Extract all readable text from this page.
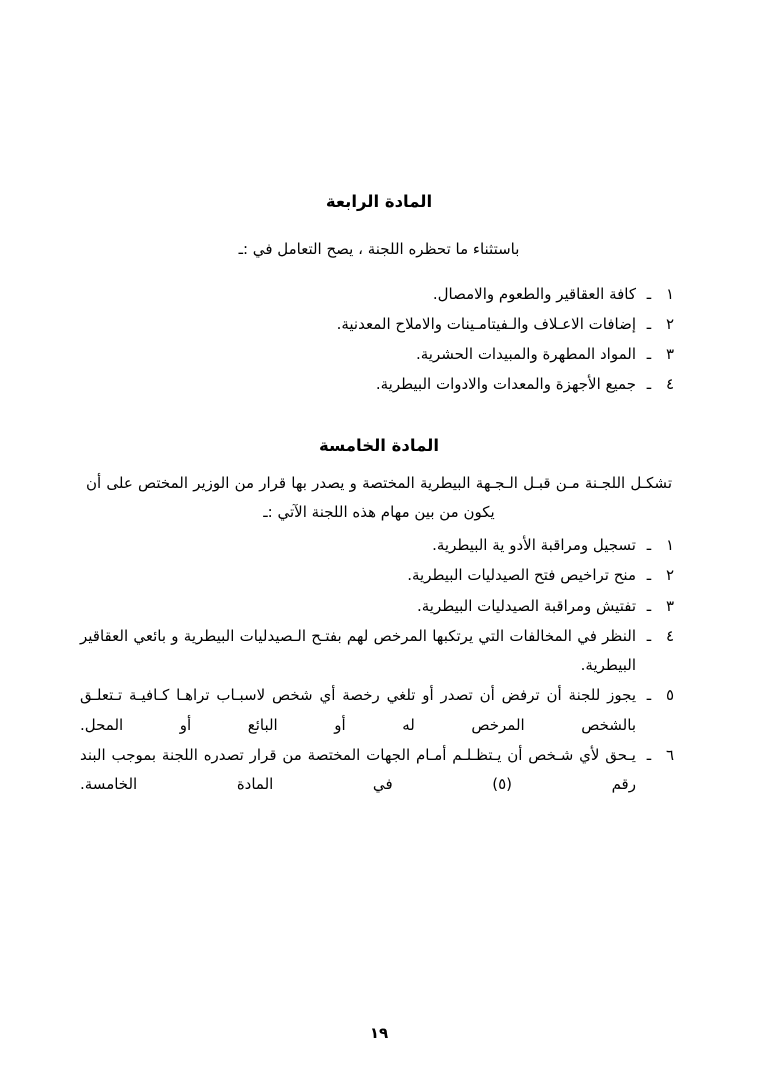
المادة الرابعة

باستثناء ما تحظره اللجنة ، يصح التعامل في :ـ

١
ـ
كافة العقاقير والطعوم والامصال.
٢
ـ
إضافات الاعـلاف والـفيتامـينات والاملاح المعدنية.
٣
ـ
المواد المطهرة والمبيدات الحشرية.
٤
ـ
جميع الأجهزة والمعدات والادوات البيطرية.
المادة الخامسة

تشكـل اللجـنة مـن قبـل الـجـهة البيطرية المختصة و يصدر بها قرار من الوزير المختص على أن يكون من بين مهام هذه اللجنة الآتي :ـ

١
ـ
تسجيل ومراقبة الأدو ية البيطرية.
٢
ـ
منح تراخيص فتح الصيدليات البيطرية.
٣
ـ
تفتيش ومراقبة الصيدليات البيطرية.
٤
ـ
النظر في المخالفات التي يرتكبها المرخص لهم بفتـح الـصيدليات البيطرية و بائعي العقاقير البيطرية.
٥
ـ
يجوز للجنة أن ترفض أن تصدر أو تلغي رخصة أي شخص لاسبـاب تراهـا كـافيـة تـتعلـق بالشخص المرخص له أو البائع أو المحل.
٦
ـ
يـحق لأي شـخص أن يـتظـلـم أمـام الجهات المختصة من قرار تصدره اللجنة بموجب البند رقم (٥) في المادة الخامسة.
١٩
